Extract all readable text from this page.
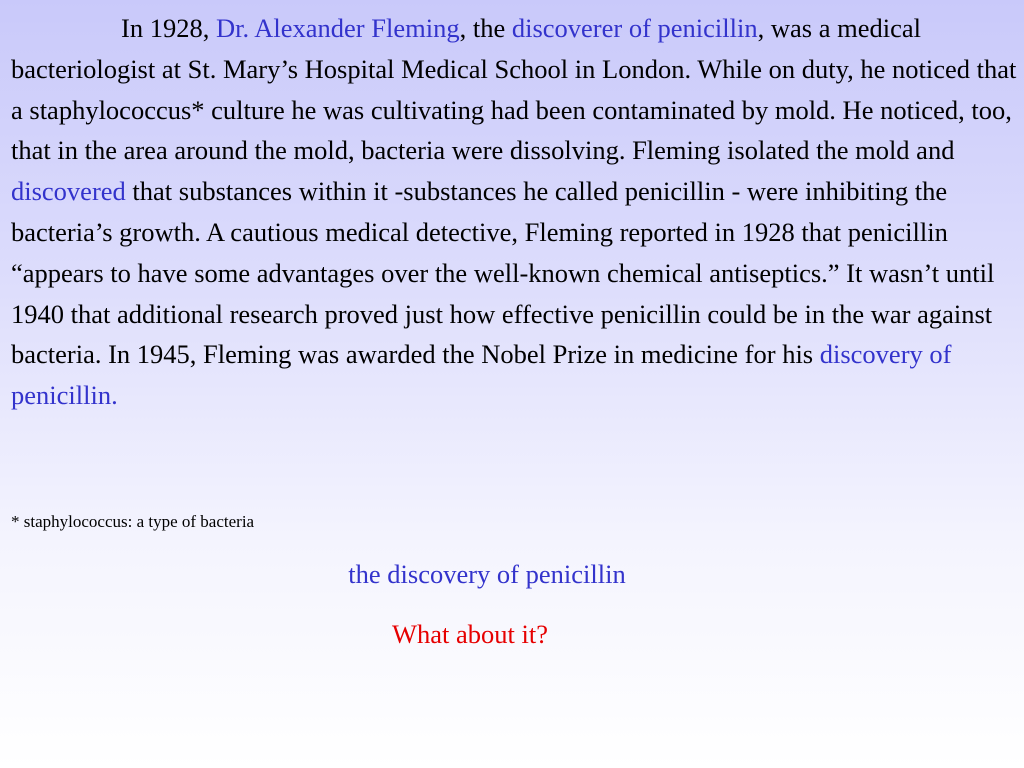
In 1928, Dr. Alexander Fleming, the discoverer of penicillin, was a medical bacteriologist at St. Mary’s Hospital Medical School in London. While on duty, he noticed that a staphylococcus* culture he was cultivating had been contaminated by mold. He noticed, too, that in the area around the mold, bacteria were dissolving. Fleming isolated the mold and discovered that substances within it -substances he called penicillin - were inhibiting the bacteria’s growth. A cautious medical detective, Fleming reported in 1928 that penicillin “appears to have some advantages over the well-known chemical antiseptics.” It wasn’t until 1940 that additional research proved just how effective penicillin could be in the war against bacteria. In 1945, Fleming was awarded the Nobel Prize in medicine for his discovery of penicillin.

* staphylococcus: a type of bacteria

the discovery of penicillin

What about it?
